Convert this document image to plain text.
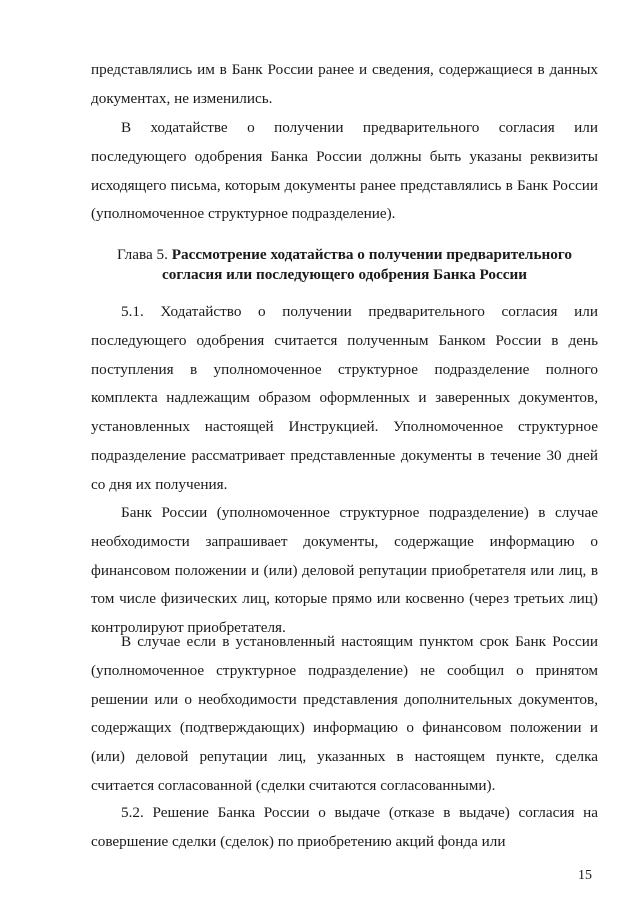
представлялись им в Банк России ранее и сведения, содержащиеся в данных документах, не изменились.

В ходатайстве о получении предварительного согласия или последующего одобрения Банка России должны быть указаны реквизиты исходящего письма, которым документы ранее представлялись в Банк России (уполномоченное структурное подразделение).

Глава 5. Рассмотрение ходатайства о получении предварительного согласия или последующего одобрения Банка России

5.1. Ходатайство о получении предварительного согласия или последующего одобрения считается полученным Банком России в день поступления в уполномоченное структурное подразделение полного комплекта надлежащим образом оформленных и заверенных документов, установленных настоящей Инструкцией. Уполномоченное структурное подразделение рассматривает представленные документы в течение 30 дней со дня их получения.

Банк России (уполномоченное структурное подразделение) в случае необходимости запрашивает документы, содержащие информацию о финансовом положении и (или) деловой репутации приобретателя или лиц, в том числе физических лиц, которые прямо или косвенно (через третьих лиц) контролируют приобретателя.

В случае если в установленный настоящим пунктом срок Банк России (уполномоченное структурное подразделение) не сообщил о принятом решении или о необходимости представления дополнительных документов, содержащих (подтверждающих) информацию о финансовом положении и (или) деловой репутации лиц, указанных в настоящем пункте, сделка считается согласованной (сделки считаются согласованными).

5.2. Решение Банка России о выдаче (отказе в выдаче) согласия на совершение сделки (сделок) по приобретению акций фонда или

15
